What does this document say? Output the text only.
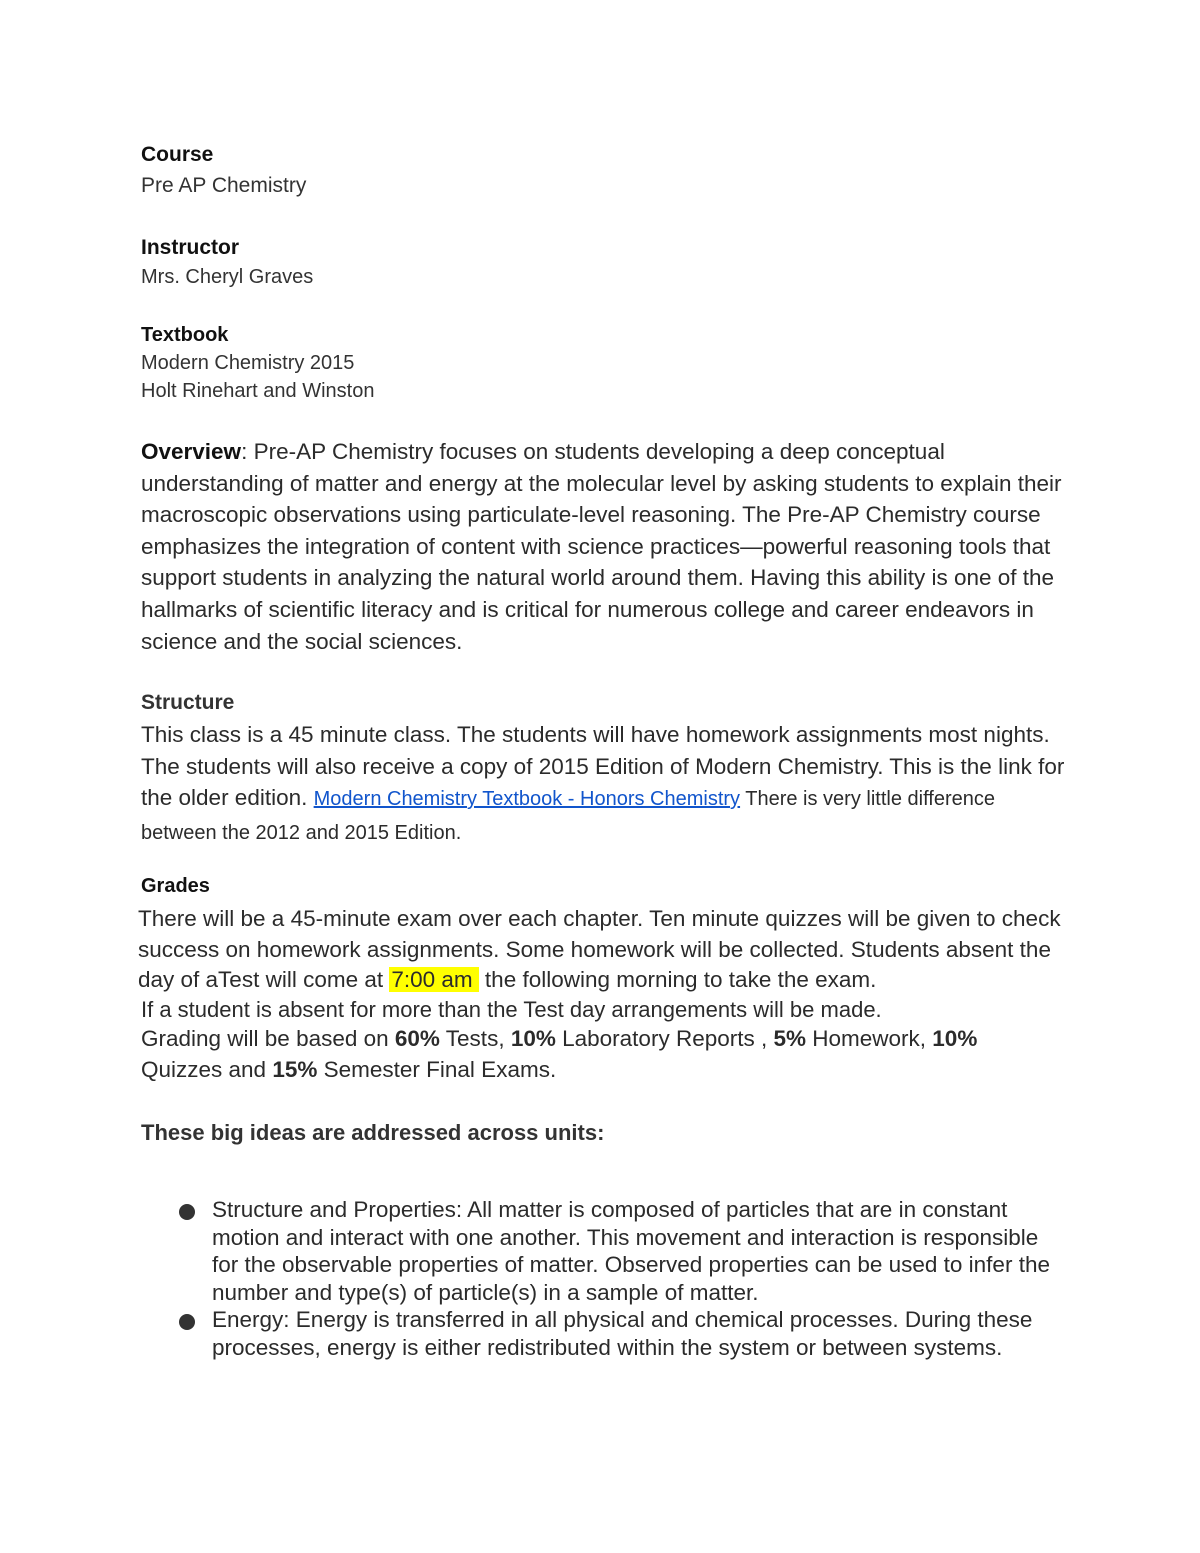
Course
Pre AP Chemistry
Instructor
Mrs. Cheryl Graves
Textbook
Modern Chemistry 2015
Holt Rinehart and Winston
Overview: Pre-AP Chemistry focuses on students developing a deep conceptual understanding of matter and energy at the molecular level by asking students to explain their macroscopic observations using particulate-level reasoning. The Pre-AP Chemistry course emphasizes the integration of content with science practices—powerful reasoning tools that support students in analyzing the natural world around them. Having this ability is one of the hallmarks of scientific literacy and is critical for numerous college and career endeavors in science and the social sciences.
Structure
This class is a 45 minute class. The students will have homework assignments most nights. The students will also receive a copy of 2015 Edition of Modern Chemistry. This is the link for the older edition. Modern Chemistry Textbook - Honors Chemistry There is very little difference between the 2012 and 2015 Edition.
Grades
There will be a 45-minute exam over each chapter. Ten minute quizzes will be given to check success on homework assignments. Some homework will be collected. Students absent the day of aTest will come at 7:00 am the following morning to take the exam.
If a student is absent for more than the Test day arrangements will be made.
Grading will be based on 60% Tests, 10% Laboratory Reports , 5% Homework, 10% Quizzes and 15% Semester Final Exams.
These big ideas are addressed across units:
Structure and Properties: All matter is composed of particles that are in constant motion and interact with one another. This movement and interaction is responsible for the observable properties of matter. Observed properties can be used to infer the number and type(s) of particle(s) in a sample of matter.
Energy: Energy is transferred in all physical and chemical processes. During these processes, energy is either redistributed within the system or between systems.
